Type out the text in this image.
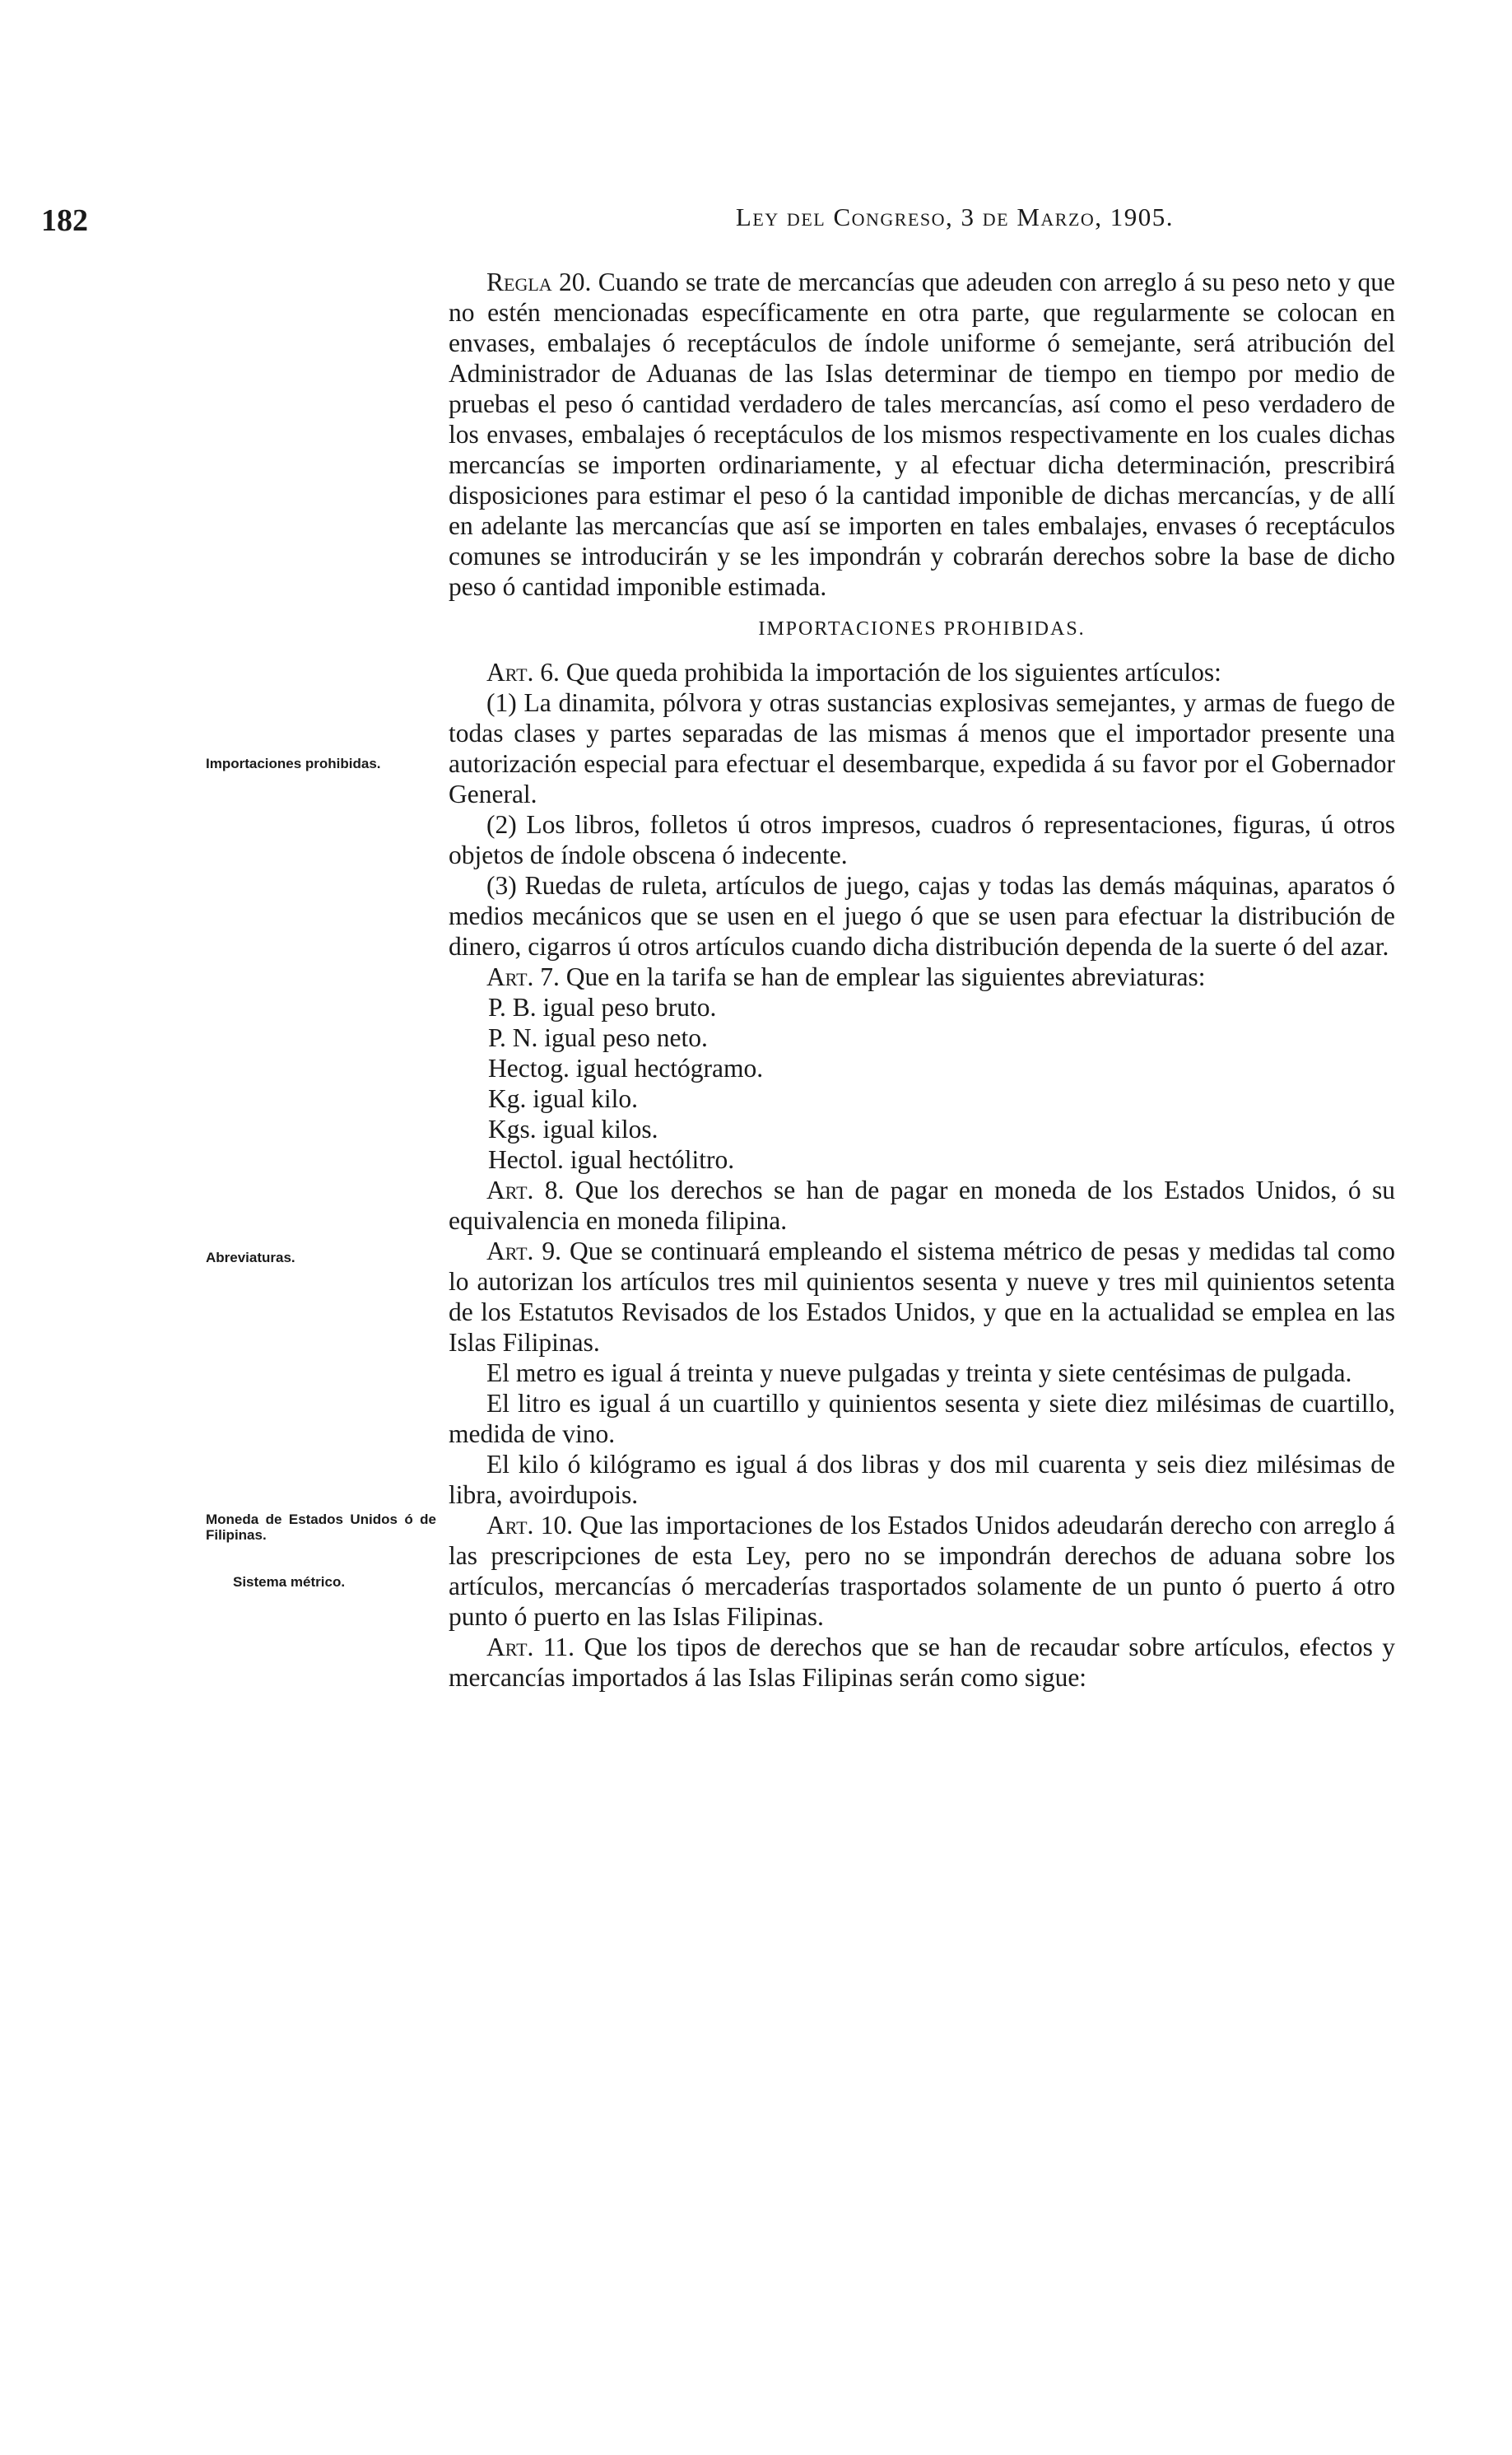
182	Ley del Congreso, 3 de Marzo, 1905.

Importaciones prohibidas.

Abreviaturas.

Moneda de Estados Unidos ó de Filipinas.

Sistema métrico.

Regla 20. Cuando se trate de mercancías que adeuden con arreglo á su peso neto y que no estén mencionadas específicamente en otra parte, que regularmente se colocan en envases, embalajes ó receptáculos de índole uniforme ó semejante, será atribución del Administrador de Aduanas de las Islas determinar de tiempo en tiempo por medio de pruebas el peso ó cantidad verdadero de tales mercancías, así como el peso verdadero de los envases, embalajes ó receptáculos de los mismos respectivamente en los cuales dichas mercancías se importen ordinariamente, y al efectuar dicha determinación, prescribirá disposiciones para estimar el peso ó la cantidad imponible de dichas mercancías, y de allí en adelante las mercancías que así se importen en tales embalajes, envases ó receptáculos comunes se introducirán y se les impondrán y cobrarán derechos sobre la base de dicho peso ó cantidad imponible estimada.

IMPORTACIONES PROHIBIDAS.

Art. 6. Que queda prohibida la importación de los siguientes artículos:

(1) La dinamita, pólvora y otras sustancias explosivas semejantes, y armas de fuego de todas clases y partes separadas de las mismas á menos que el importador presente una autorización especial para efectuar el desembarque, expedida á su favor por el Gobernador General.

(2) Los libros, folletos ú otros impresos, cuadros ó representaciones, figuras, ú otros objetos de índole obscena ó indecente.

(3) Ruedas de ruleta, artículos de juego, cajas y todas las demás máquinas, aparatos ó medios mecánicos que se usen en el juego ó que se usen para efectuar la distribución de dinero, cigarros ú otros artículos cuando dicha distribución dependa de la suerte ó del azar.

Art. 7. Que en la tarifa se han de emplear las siguientes abreviaturas:

P. B. igual peso bruto.

P. N. igual peso neto.

Hectog. igual hectógramo.

Kg. igual kilo.

Kgs. igual kilos.

Hectol. igual hectólitro.

Art. 8. Que los derechos se han de pagar en moneda de los Estados Unidos, ó su equivalencia en moneda filipina.

Art. 9. Que se continuará empleando el sistema métrico de pesas y medidas tal como lo autorizan los artículos tres mil quinientos sesenta y nueve y tres mil quinientos setenta de los Estatutos Revisados de los Estados Unidos, y que en la actualidad se emplea en las Islas Filipinas.

El metro es igual á treinta y nueve pulgadas y treinta y siete centésimas de pulgada.

El litro es igual á un cuartillo y quinientos sesenta y siete diez milésimas de cuartillo, medida de vino.

El kilo ó kilógramo es igual á dos libras y dos mil cuarenta y seis diez milésimas de libra, avoirdupois.

Art. 10. Que las importaciones de los Estados Unidos adeudarán derecho con arreglo á las prescripciones de esta Ley, pero no se impondrán derechos de aduana sobre los artículos, mercancías ó mercaderías trasportados solamente de un punto ó puerto á otro punto ó puerto en las Islas Filipinas.

Art. 11. Que los tipos de derechos que se han de recaudar sobre artículos, efectos y mercancías importados á las Islas Filipinas serán como sigue:
